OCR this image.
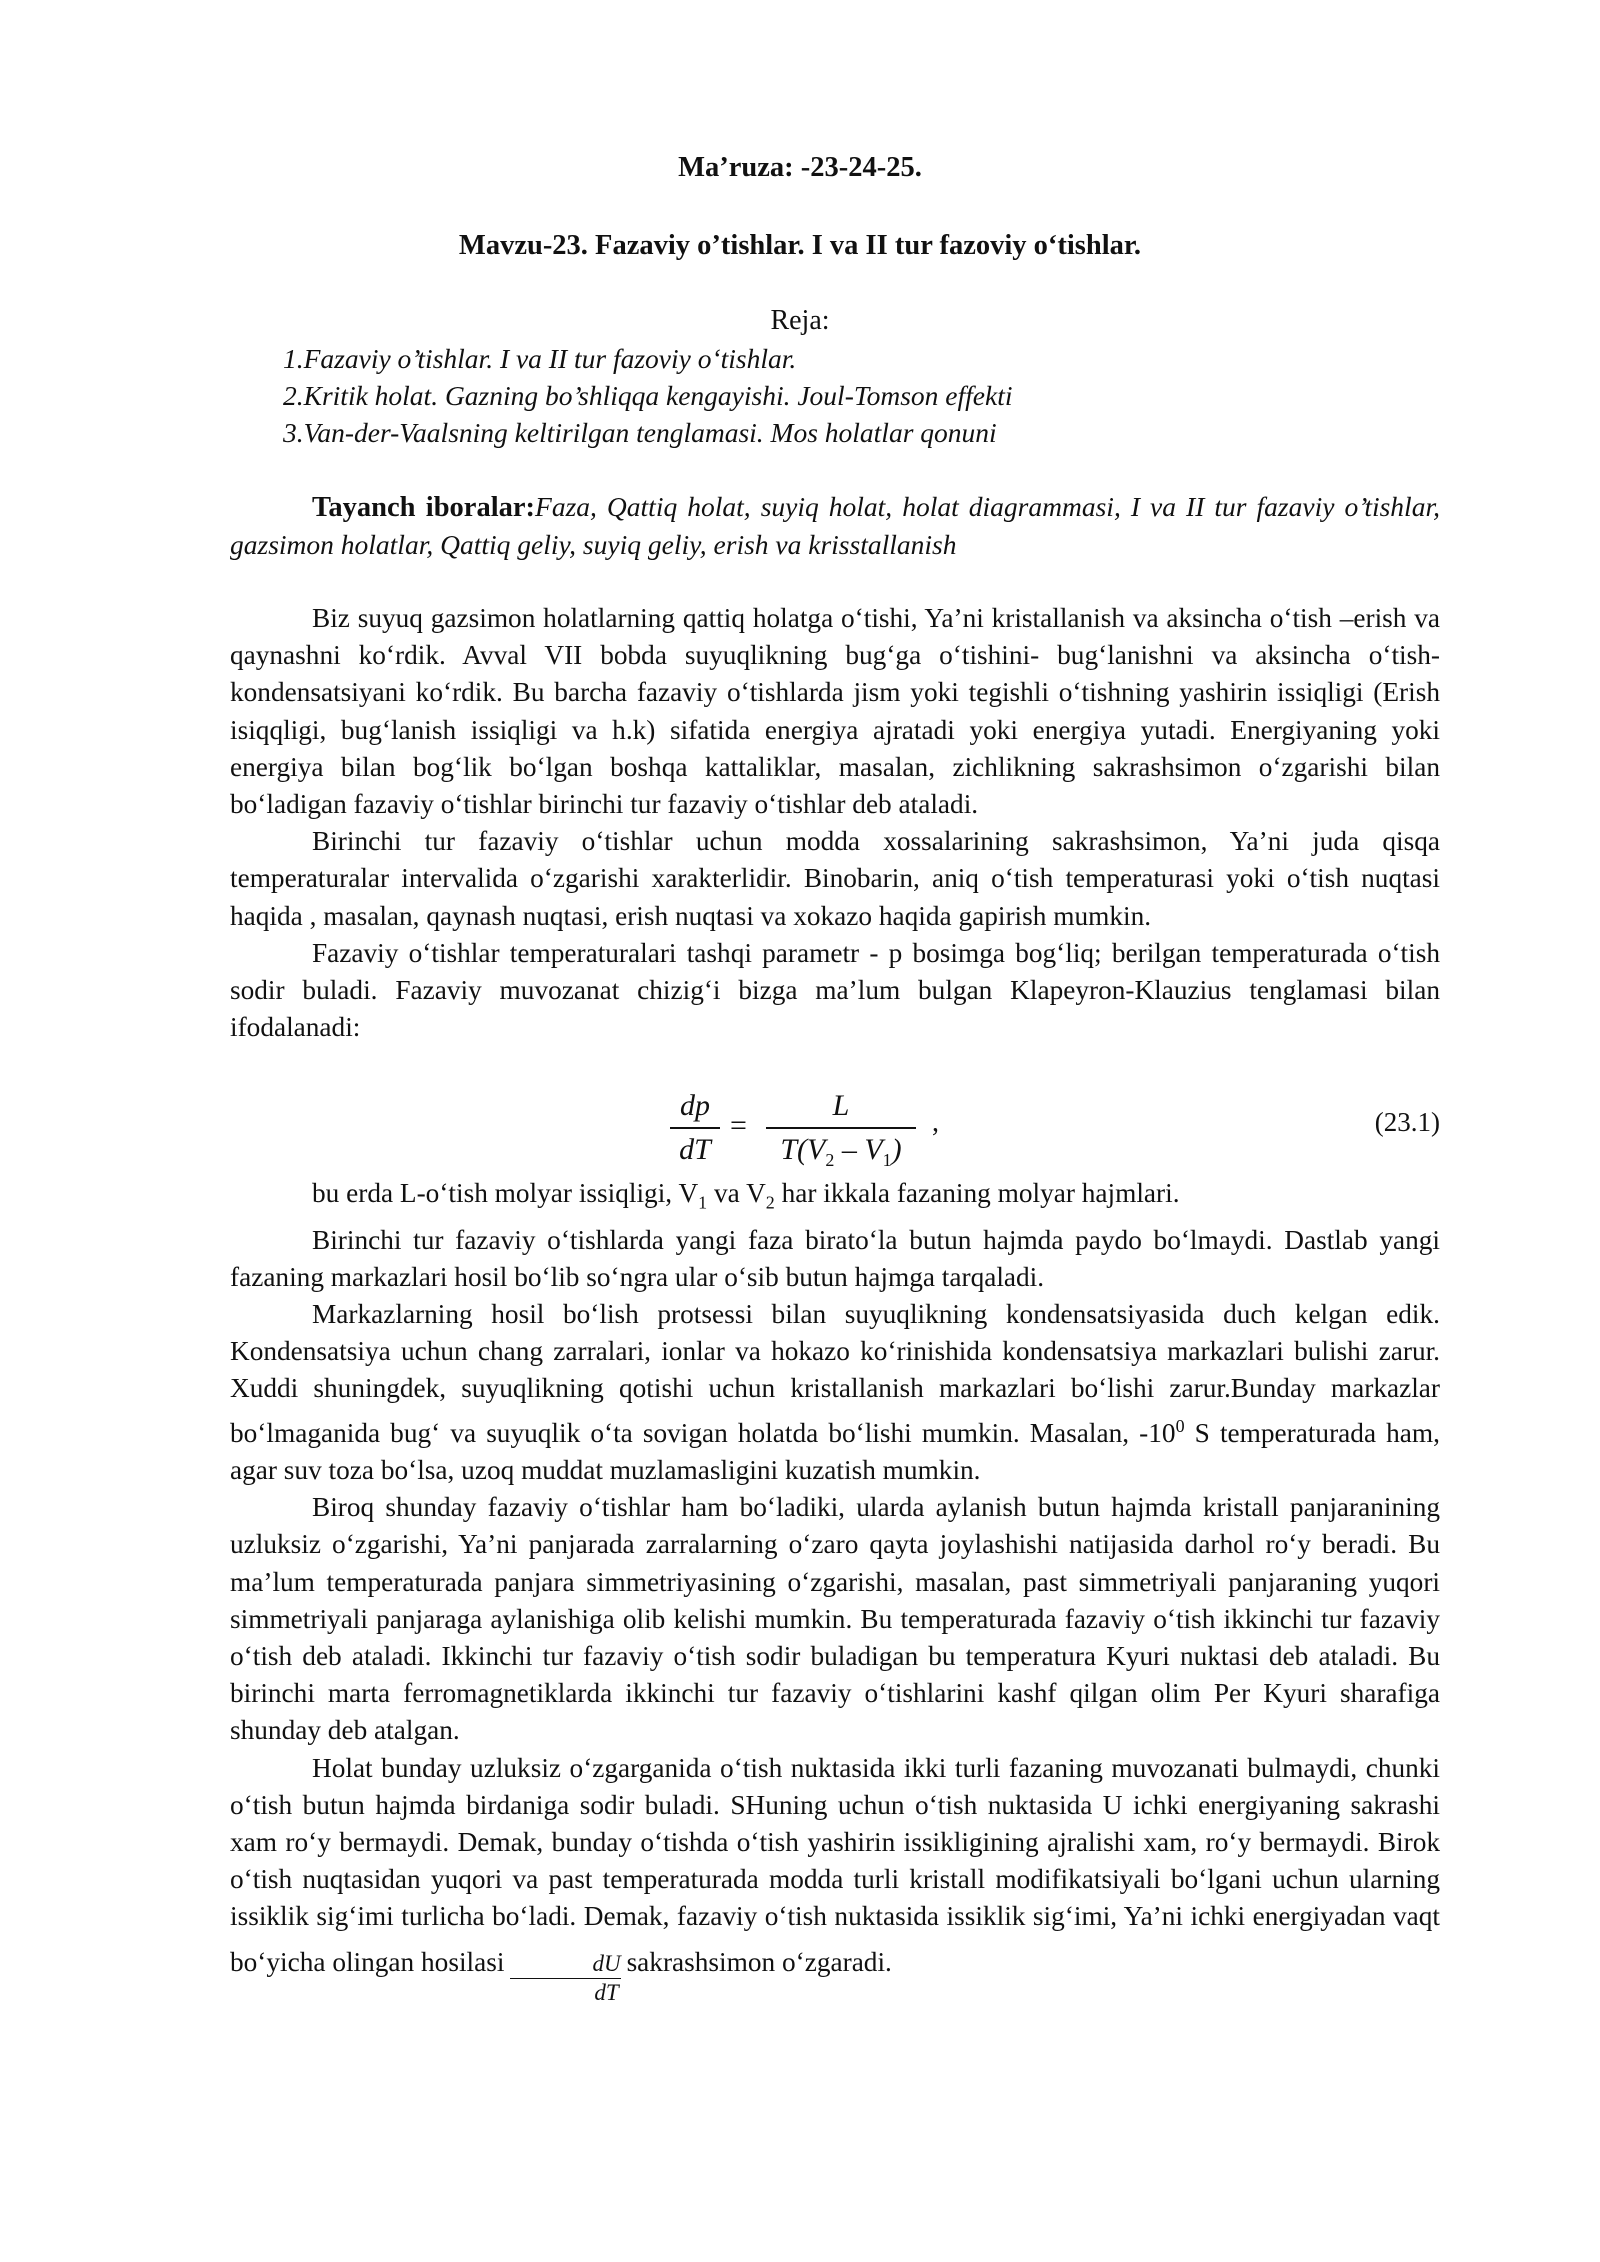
Ma’ruza: -23-24-25.
Mavzu-23. Fazaviy o’tishlar. I va II tur fazoviy o‘tishlar.
Reja:
1.Fazaviy o’tishlar. I va II tur fazoviy o‘tishlar.
2.Kritik holat. Gazning bo’shliqqa kengayishi. Joul-Tomson effekti
3.Van-der-Vaalsning keltirilgan tenglamasi. Mos holatlar qonuni
Tayanch iboralar:Faza, Qattiq holat, suyiq holat, holat diagrammasi, I va II tur fazaviy o’tishlar, gazsimon holatlar, Qattiq geliy, suyiq geliy, erish va krisstallanish

Biz suyuq gazsimon holatlarning qattiq holatga o‘tishi, Ya’ni kristallanish va aksincha o‘tish –erish va qaynashni ko‘rdik. Avval VII bobda suyuqlikning bug‘ga o‘tishini- bug‘lanishni va aksincha o‘tish- kondensatsiyani ko‘rdik. Bu barcha fazaviy o‘tishlarda jism yoki tegishli o‘tishning yashirin issiqligi (Erish isiqqligi, bug‘lanish issiqligi va h.k) sifatida energiya ajratadi yoki energiya yutadi. Energiyaning yoki energiya bilan bog‘lik bo‘lgan boshqa kattaliklar, masalan, zichlikning sakrashsimon o‘zgarishi bilan bo‘ladigan fazaviy o‘tishlar birinchi tur fazaviy o‘tishlar deb ataladi.

Birinchi tur fazaviy o‘tishlar uchun modda xossalarining sakrashsimon, Ya’ni juda qisqa temperaturalar intervalida o‘zgarishi xarakterlidir. Binobarin, aniq o‘tish temperaturasi yoki o‘tish nuqtasi haqida , masalan, qaynash nuqtasi, erish nuqtasi va xokazo haqida gapirish mumkin.

Fazaviy o‘tishlar temperaturalari tashqi parametr - p bosimga bog‘liq; berilgan temperaturada o‘tish sodir buladi. Fazaviy muvozanat chizig‘i bizga ma’lum bulgan Klapeyron-Klauzius tenglamasi bilan ifodalanadi:

dp
dT
=
L
$T(V_2 - V_1)$
,	(23.1)

bu erda L-o‘tish molyar issiqligi, $V_1$ va $V_2$ har ikkala fazaning molyar hajmlari.

Birinchi tur fazaviy o‘tishlarda yangi faza birato‘la butun hajmda paydo bo‘lmaydi. Dastlab yangi fazaning markazlari hosil bo‘lib so‘ngra ular o‘sib butun hajmga tarqaladi.

Markazlarning hosil bo‘lish protsessi bilan suyuqlikning kondensatsiyasida duch kelgan edik. Kondensatsiya uchun chang zarralari, ionlar va hokazo ko‘rinishida kondensatsiya markazlari bulishi zarur. Xuddi shuningdek, suyuqlikning qotishi uchun kristallanish markazlari bo‘lishi zarur.Bunday markazlar bo‘lmaganida bug‘ va suyuqlik o‘ta sovigan holatda bo‘lishi mumkin. Masalan, $-10^0$ S temperaturada ham, agar suv toza bo‘lsa, uzoq muddat muzlamasligini kuzatish mumkin.

Biroq shunday fazaviy o‘tishlar ham bo‘ladiki, ularda aylanish butun hajmda kristall panjaranining uzluksiz o‘zgarishi, Ya’ni panjarada zarralarning o‘zaro qayta joylashishi natijasida darhol ro‘y beradi. Bu ma’lum temperaturada panjara simmetriyasining o‘zgarishi, masalan, past simmetriyali panjaraning yuqori simmetriyali panjaraga aylanishiga olib kelishi mumkin. Bu temperaturada fazaviy o‘tish ikkinchi tur fazaviy o‘tish deb ataladi. Ikkinchi tur fazaviy o‘tish sodir buladigan bu temperatura Kyuri nuktasi deb ataladi. Bu birinchi marta ferromagnetiklarda ikkinchi tur fazaviy o‘tishlarini kashf qilgan olim Per Kyuri sharafiga shunday deb atalgan.

Holat bunday uzluksiz o‘zgarganida o‘tish nuktasida ikki turli fazaning muvozanati bulmaydi, chunki o‘tish butun hajmda birdaniga sodir buladi. SHuning uchun o‘tish nuktasida U ichki energiyaning sakrashi xam ro‘y bermaydi. Demak, bunday o‘tishda o‘tish yashirin issikligining ajralishi xam, ro‘y bermaydi. Birok o‘tish nuqtasidan yuqori va past temperaturada modda turli kristall modifikatsiyali bo‘lgani uchun ularning issiklik sig‘imi turlicha bo‘ladi. Demak, fazaviy o‘tish nuktasida issiklik sig‘imi, Ya’ni ichki energiyadan vaqt bo‘yicha olingan hosilasi $\frac{dU}{dT}$ sakrashsimon o‘zgaradi.
